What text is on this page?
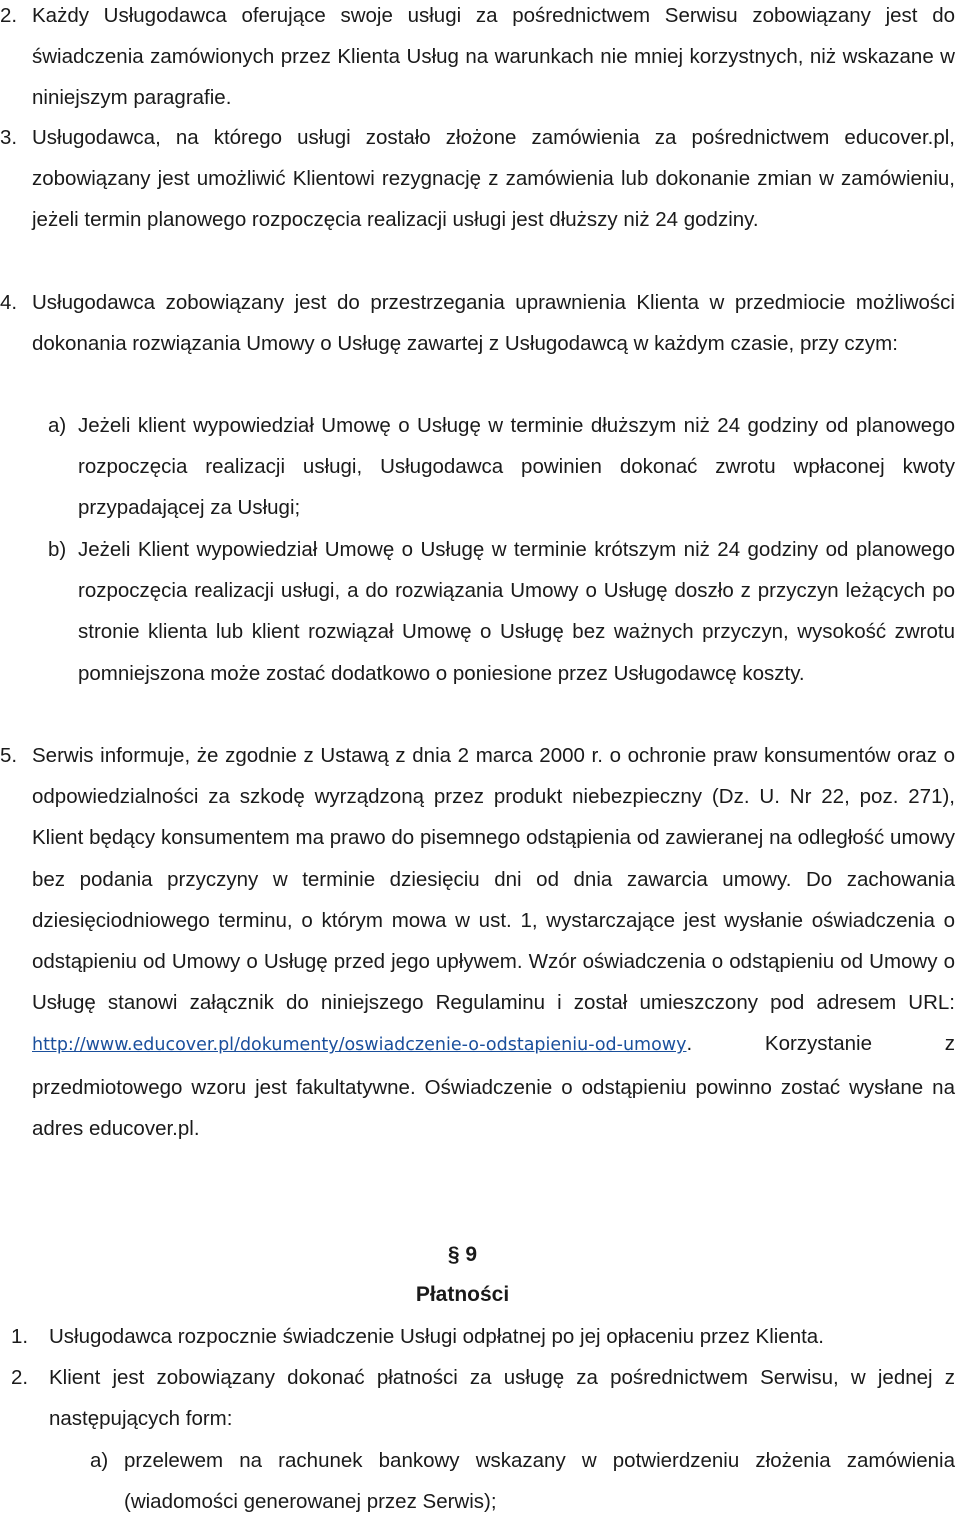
2. Każdy Usługodawca oferujące swoje usługi za pośrednictwem Serwisu zobowiązany jest do świadczenia zamówionych przez Klienta Usług na warunkach nie mniej korzystnych, niż wskazane w niniejszym paragrafie.
3. Usługodawca, na którego usługi zostało złożone zamówienia za pośrednictwem educover.pl, zobowiązany jest umożliwić Klientowi rezygnację z zamówienia lub dokonanie zmian w zamówieniu, jeżeli termin planowego rozpoczęcia realizacji usługi jest dłuższy niż 24 godziny.
4. Usługodawca zobowiązany jest do przestrzegania uprawnienia Klienta w przedmiocie możliwości dokonania rozwiązania Umowy o Usługę zawartej z Usługodawcą w każdym czasie, przy czym:
a) Jeżeli klient wypowiedział Umowę o Usługę w terminie dłuższym niż 24 godziny od planowego rozpoczęcia realizacji usługi, Usługodawca powinien dokonać zwrotu wpłaconej kwoty przypadającej za Usługi;
b) Jeżeli Klient wypowiedział Umowę o Usługę w terminie krótszym niż 24 godziny od planowego rozpoczęcia realizacji usługi, a do rozwiązania Umowy o Usługę doszło z przyczyn leżących po stronie klienta lub klient rozwiązał Umowę o Usługę bez ważnych przyczyn, wysokość zwrotu pomniejszona może zostać dodatkowo o poniesione przez Usługodawcę koszty.
5. Serwis informuje, że zgodnie z Ustawą z dnia 2 marca 2000 r. o ochronie praw konsumentów oraz o odpowiedzialności za szkodę wyrządzoną przez produkt niebezpieczny (Dz. U. Nr 22, poz. 271), Klient będący konsumentem ma prawo do pisemnego odstąpienia od zawieranej na odległość umowy bez podania przyczyny w terminie dziesięciu dni od dnia zawarcia umowy. Do zachowania dziesięciodniowego terminu, o którym mowa w ust. 1, wystarczające jest wysłanie oświadczenia o odstąpieniu od Umowy o Usługę przed jego upływem. Wzór oświadczenia o odstąpieniu od Umowy o Usługę stanowi załącznik do niniejszego Regulaminu i został umieszczony pod adresem URL: http://www.educover.pl/dokumenty/oswiadczenie-o-odstapieniu-od-umowy. Korzystanie z przedmiotowego wzoru jest fakultatywne. Oświadczenie o odstąpieniu powinno zostać wysłane na adres educover.pl.
§ 9
Płatności
1. Usługodawca rozpocznie świadczenie Usługi odpłatnej po jej opłaceniu przez Klienta.
2. Klient jest zobowiązany dokonać płatności za usługę za pośrednictwem Serwisu, w jednej z następujących form:
a) przelewem na rachunek bankowy wskazany w potwierdzeniu złożenia zamówienia (wiadomości generowanej przez Serwis);
